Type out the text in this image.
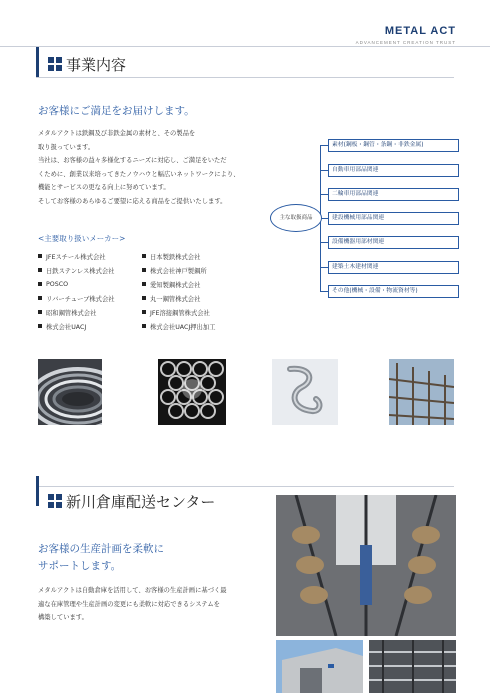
METAL ACT
ADVANCEMENT CREATION TRUST
事業内容
お客様にご満足をお届けします。
メタルアクトは鉄鋼及び非鉄金属の素材と、その製品を
取り扱っています。
当社は、お客様の益々多様化するニーズに対応し、ご満足をいただ
くために、創業以来培ってきたノウハウと幅広いネットワークにより、
機能とサービスの更なる向上に努めています。
そしてお客様のあらゆるご要望に応える商品をご提供いたします。
<主要取り扱いメーカー>
JFEスチール株式会社
日鉄ステンレス株式会社
POSCO
リバーチューブ株式会社
昭和鋼管株式会社
株式会社UACJ
日本製鉄株式会社
株式会社神戸製鋼所
愛知製鋼株式会社
丸一鋼管株式会社
JFE溶接鋼管株式会社
株式会社UACJ押出加工
主な取扱商品
素材(鋼板・鋼管・条鋼・非鉄金属)
自動車用部品関連
二輪車用部品関連
建設機械用部品関連
設備機器用部材関連
建築土木建材関連
その他(機械・設備・物流資材等)
新川倉庫配送センター
お客様の生産計画を柔軟に
サポートします。
メタルアクトは自動倉庫を活用して、お客様の生産計画に基づく最
適な在庫管理や生産計画の変更にも柔軟に対応できるシステムを
構築しています。
